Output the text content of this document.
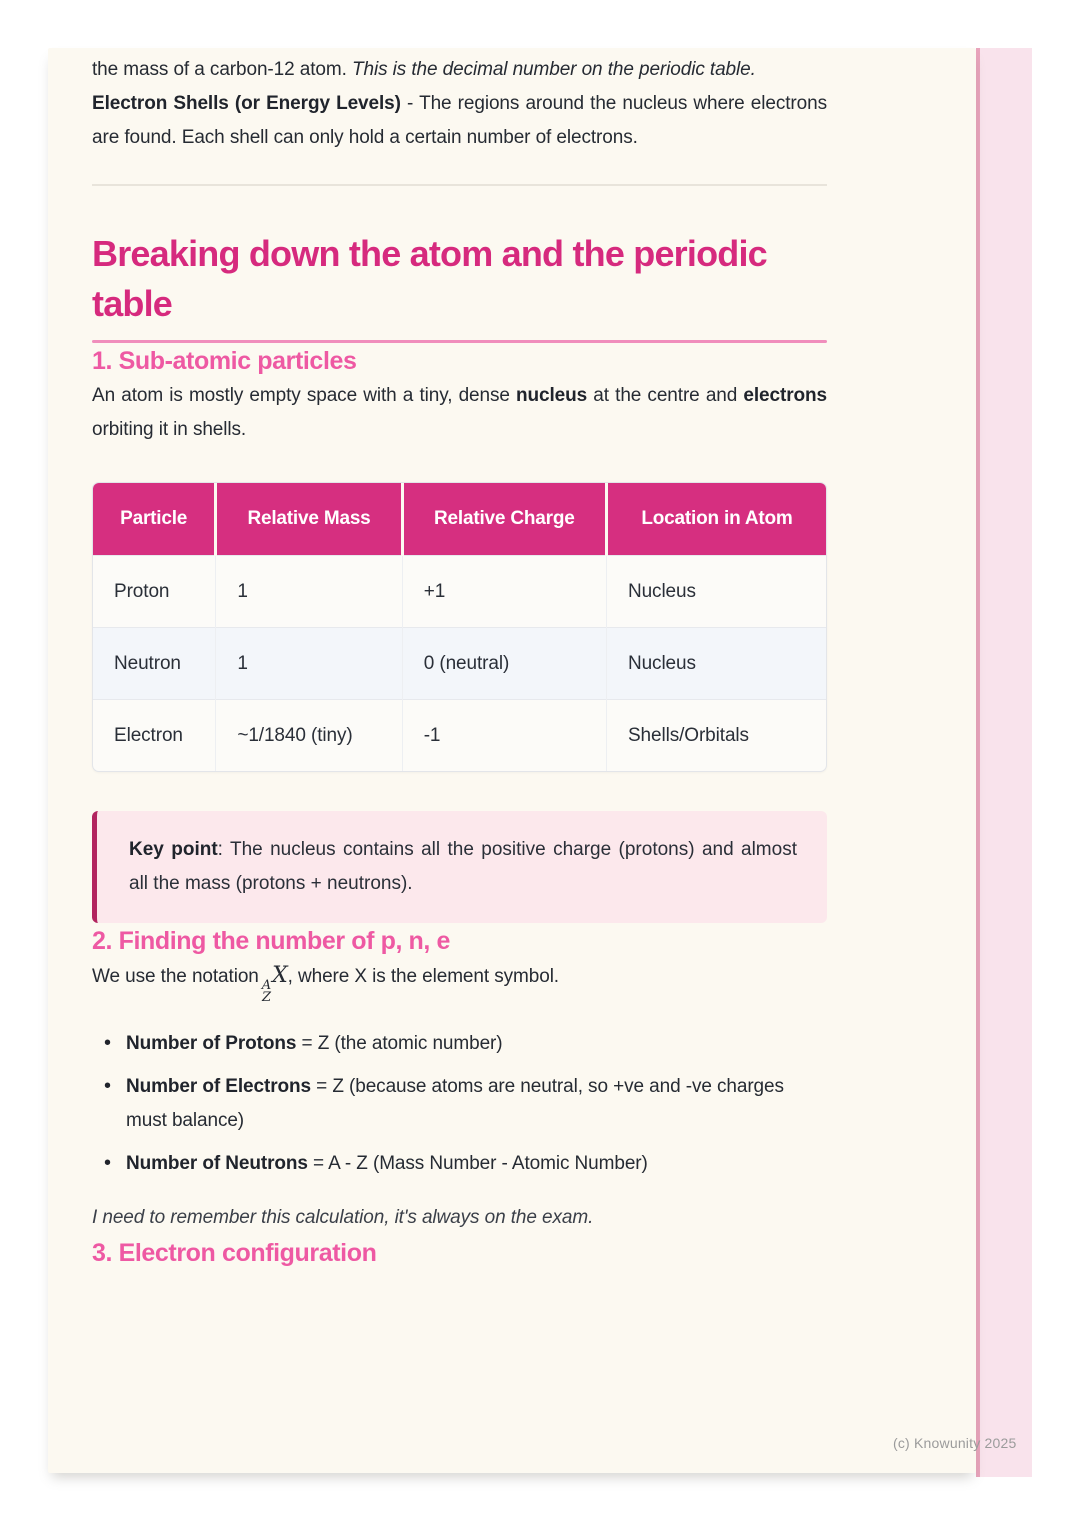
the mass of a carbon-12 atom. This is the decimal number on the periodic table.

Electron Shells (or Energy Levels) - The regions around the nucleus where electrons are found. Each shell can only hold a certain number of electrons.

Breaking down the atom and the periodic table
1. Sub-atomic particles

An atom is mostly empty space with a tiny, dense nucleus at the centre and electrons orbiting it in shells.

Particle	Relative Mass	Relative Charge	Location in Atom
Proton	1	+1	Nucleus
Neutron	1	0 (neutral)	Nucleus
Electron	~1/1840 (tiny)	-1	Shells/Orbitals

Key point: The nucleus contains all the positive charge (protons) and almost all the mass (protons + neutrons).

2. Finding the number of p, n, e

We use the notation A
Z
X, where X is the element symbol.

• Number of Protons = Z (the atomic number)
• Number of Electrons = Z (because atoms are neutral, so +ve and -ve charges must balance)
• Number of Neutrons = A - Z (Mass Number - Atomic Number)

I need to remember this calculation, it's always on the exam.

3. Electron configuration
(c) Knowunity 2025
